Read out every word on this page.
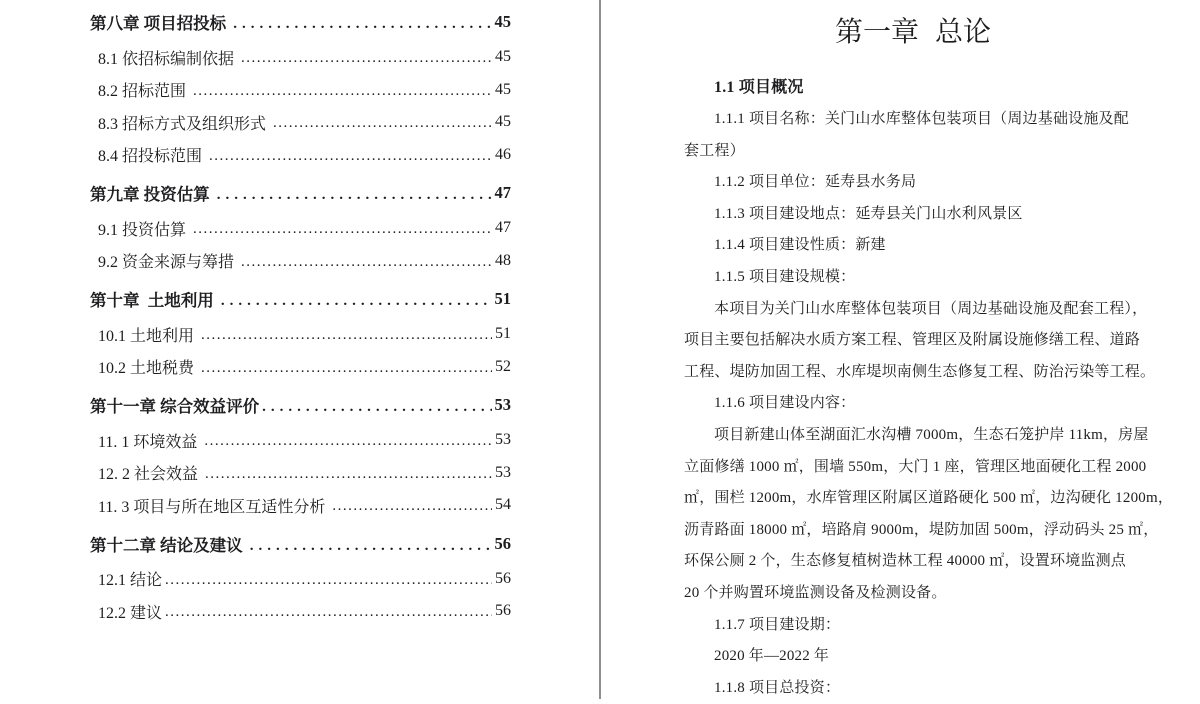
第八章 项目招投标 .....	45
8.1 依招标编制依据 .....	45
8.2 招标范围 .....	45
8.3 招标方式及组织形式 .....	45
8.4 招投标范围 .....	46
第九章 投资估算 .....	47
9.1 投资估算 .....	47
9.2 资金来源与筹措 .....	48
第十章  土地利用 .....	51
10.1 土地利用 .....	51
10.2 土地税费 .....	52
第十一章 综合效益评价 .....	53
11. 1 环境效益 .....	53
12. 2 社会效益 .....	53
11. 3 项目与所在地区互适性分析 .....	54
第十二章 结论及建议 .....	56
12.1 结论 .....	56
12.2 建议 .....	56
第一章 总论
1.1 项目概况
1.1.1 项目名称：关门山水库整体包装项目（周边基础设施及配
套工程）
1.1.2 项目单位：延寿县水务局
1.1.3 项目建设地点：延寿县关门山水利风景区
1.1.4 项目建设性质：新建
1.1.5 项目建设规模：
本项目为关门山水库整体包装项目（周边基础设施及配套工程），
项目主要包括解决水质方案工程、管理区及附属设施修缮工程、道路
工程、堤防加固工程、水库堤坝南侧生态修复工程、防治污染等工程。
1.1.6 项目建设内容：
项目新建山体至湖面汇水沟槽 7000m，生态石笼护岸 11km，房屋
立面修缮 1000 ㎡，围墙 550m，大门 1 座，管理区地面硬化工程 2000
㎡，围栏 1200m，水库管理区附属区道路硬化 500 ㎡，边沟硬化 1200m，
沥青路面 18000 ㎡，培路肩 9000m，堤防加固 500m，浮动码头 25 ㎡，
环保公厕 2 个，生态修复植树造林工程 40000 ㎡，设置环境监测点
20 个并购置环境监测设备及检测设备。
1.1.7 项目建设期：
2020 年—2022 年
1.1.8 项目总投资：
